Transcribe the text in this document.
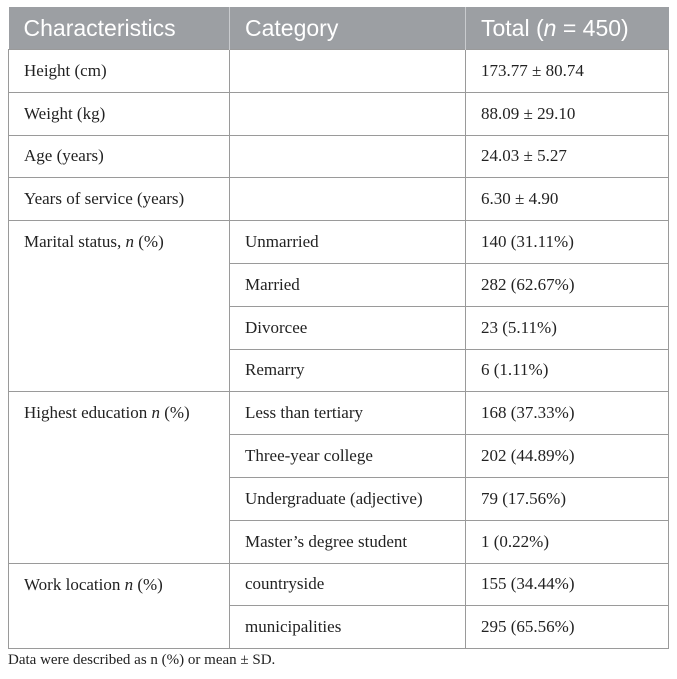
Characteristics	Category	Total (n = 450)
Height (cm)		173.77 ± 80.74
Weight (kg)		88.09 ± 29.10
Age (years)		24.03 ± 5.27
Years of service (years)		6.30 ± 4.90
Marital status, n (%)	Unmarried	140 (31.11%)
	Married	282 (62.67%)
	Divorcee	23 (5.11%)
	Remarry	6 (1.11%)
Highest education n (%)	Less than tertiary	168 (37.33%)
	Three-year college	202 (44.89%)
	Undergraduate (adjective)	79 (17.56%)
	Master’s degree student	1 (0.22%)
Work location n (%)	countryside	155 (34.44%)
	municipalities	295 (65.56%)
Data were described as n (%) or mean ± SD.
